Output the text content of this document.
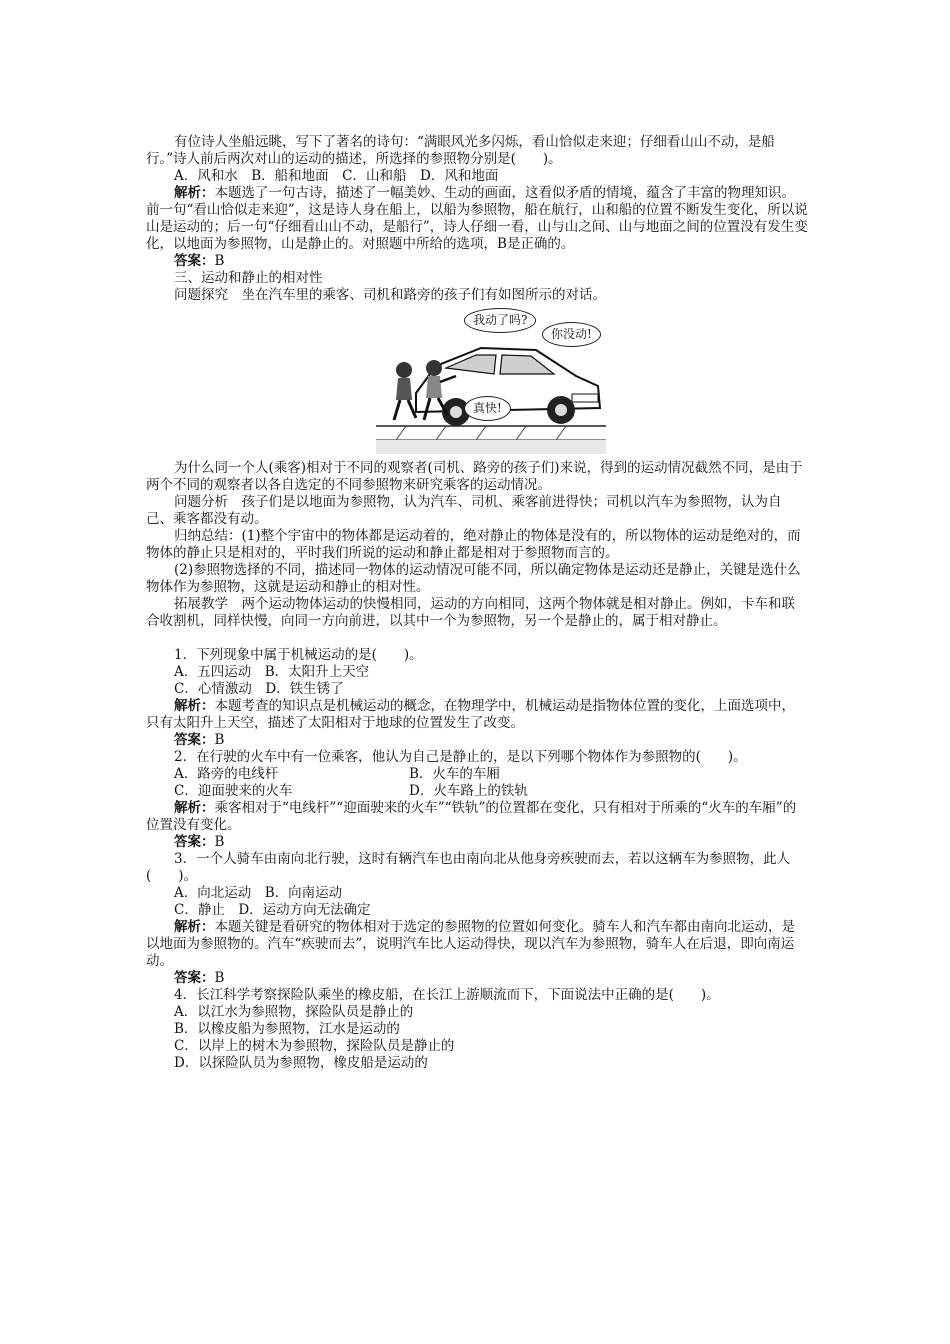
有位诗人坐船远眺，写下了著名的诗句：“满眼风光多闪烁，看山恰似走来迎；仔细看山山不动，是船行。”诗人前后两次对山的运动的描述，所选择的参照物分别是(　　)。

A．风和水　B．船和地面　C．山和船　D．风和地面

解析：本题选了一句古诗，描述了一幅美妙、生动的画面，这看似矛盾的情境，蕴含了丰富的物理知识。前一句“看山恰似走来迎”，这是诗人身在船上，以船为参照物，船在航行，山和船的位置不断发生变化，所以说山是运动的；后一句“仔细看山山不动，是船行”，诗人仔细一看，山与山之间、山与地面之间的位置没有发生变化，以地面为参照物，山是静止的。对照题中所给的选项，B是正确的。

答案：B

三、运动和静止的相对性

问题探究　坐在汽车里的乘客、司机和路旁的孩子们有如图所示的对话。

我动了吗?
你没动!
真快!

为什么同一个人(乘客)相对于不同的观察者(司机、路旁的孩子们)来说，得到的运动情况截然不同，是由于两个不同的观察者以各自选定的不同参照物来研究乘客的运动情况。

问题分析　孩子们是以地面为参照物，认为汽车、司机、乘客前进得快；司机以汽车为参照物，认为自己、乘客都没有动。

归纳总结：(1)整个宇宙中的物体都是运动着的，绝对静止的物体是没有的，所以物体的运动是绝对的，而物体的静止只是相对的，平时我们所说的运动和静止都是相对于参照物而言的。

(2)参照物选择的不同，描述同一物体的运动情况可能不同，所以确定物体是运动还是静止，关键是选什么物体作为参照物，这就是运动和静止的相对性。

拓展教学　两个运动物体运动的快慢相同，运动的方向相同，这两个物体就是相对静止。例如，卡车和联合收割机，同样快慢，向同一方向前进，以其中一个为参照物，另一个是静止的，属于相对静止。

1．下列现象中属于机械运动的是(　　)。

A．五四运动　B．太阳升上天空

C．心情激动　D．铁生锈了

解析：本题考查的知识点是机械运动的概念，在物理学中，机械运动是指物体位置的变化，上面选项中，只有太阳升上天空，描述了太阳相对于地球的位置发生了改变。

答案：B

2．在行驶的火车中有一位乘客，他认为自己是静止的，是以下列哪个物体作为参照物的(　　)。

A．路旁的电线杆	B．火车的车厢
C．迎面驶来的火车	D．火车路上的铁轨

解析：乘客相对于“电线杆”“迎面驶来的火车”“铁轨”的位置都在变化，只有相对于所乘的“火车的车厢”的位置没有变化。

答案：B

3．一个人骑车由南向北行驶，这时有辆汽车也由南向北从他身旁疾驶而去，若以这辆车为参照物，此人(　　)。

A．向北运动　B．向南运动

C．静止　D．运动方向无法确定

解析：本题关键是看研究的物体相对于选定的参照物的位置如何变化。骑车人和汽车都由南向北运动，是以地面为参照物的。汽车“疾驶而去”，说明汽车比人运动得快，现以汽车为参照物，骑车人在后退，即向南运动。

答案：B

4．长江科学考察探险队乘坐的橡皮船，在长江上游顺流而下，下面说法中正确的是(　　)。

A．以江水为参照物，探险队员是静止的

B．以橡皮船为参照物，江水是运动的

C．以岸上的树木为参照物，探险队员是静止的

D．以探险队员为参照物，橡皮船是运动的
